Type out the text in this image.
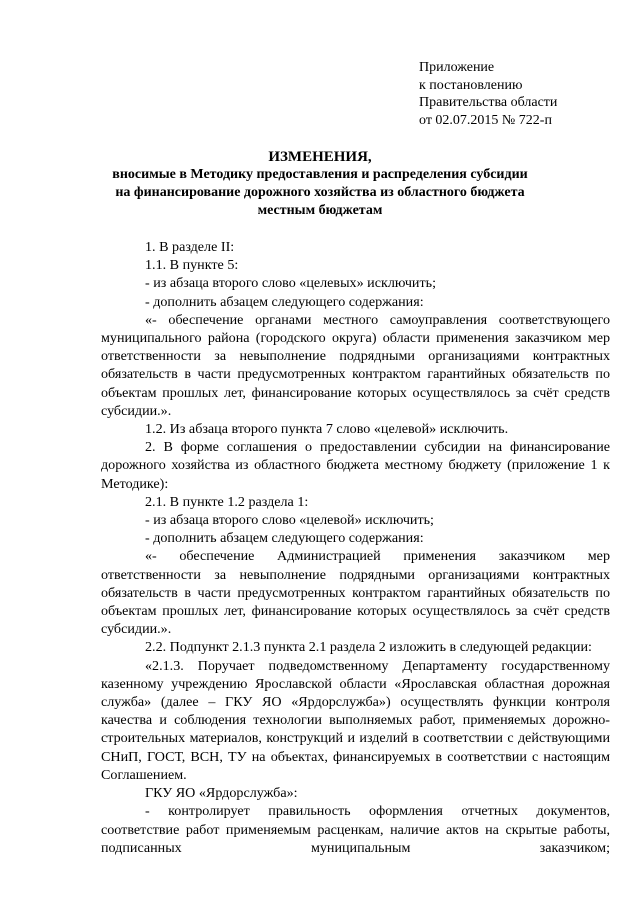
Приложение
к постановлению
Правительства области
от 02.07.2015 № 722-п
ИЗМЕНЕНИЯ,
вносимые в Методику предоставления и распределения субсидии
на финансирование дорожного хозяйства из областного бюджета
местным бюджетам

1. В разделе II:

1.1. В пункте 5:

- из абзаца второго слово «целевых» исключить;

- дополнить абзацем следующего содержания:

«- обеспечение органами местного самоуправления соответствующего муниципального района (городского округа) области применения заказчиком мер ответственности за невыполнение подрядными организациями контрактных обязательств в части предусмотренных контрактом гарантийных обязательств по объектам прошлых лет, финансирование которых осуществлялось за счёт средств субсидии.».

1.2. Из абзаца второго пункта 7 слово «целевой» исключить.

2. В форме соглашения о предоставлении субсидии на финансирование дорожного хозяйства из областного бюджета местному бюджету (приложение 1 к Методике):

2.1. В пункте 1.2 раздела 1:

- из абзаца второго слово «целевой» исключить;

- дополнить абзацем следующего содержания:

«- обеспечение Администрацией применения заказчиком мер ответственности за невыполнение подрядными организациями контрактных обязательств в части предусмотренных контрактом гарантийных обязательств по объектам прошлых лет, финансирование которых осуществлялось за счёт средств субсидии.».

2.2. Подпункт 2.1.3 пункта 2.1 раздела 2 изложить в следующей редакции:

«2.1.3. Поручает подведомственному Департаменту государственному казенному учреждению Ярославской области «Ярославская областная дорожная служба» (далее – ГКУ ЯО «Ярдорслужба») осуществлять функции контроля качества и соблюдения технологии выполняемых работ, применяемых дорожно-строительных материалов, конструкций и изделий в соответствии с действующими СНиП, ГОСТ, ВСН, ТУ на объектах, финансируемых в соответствии с настоящим Соглашением.

ГКУ ЯО «Ярдорслужба»:

- контролирует правильность оформления отчетных документов, соответствие работ применяемым расценкам, наличие актов на скрытые работы, подписанных муниципальным заказчиком;
